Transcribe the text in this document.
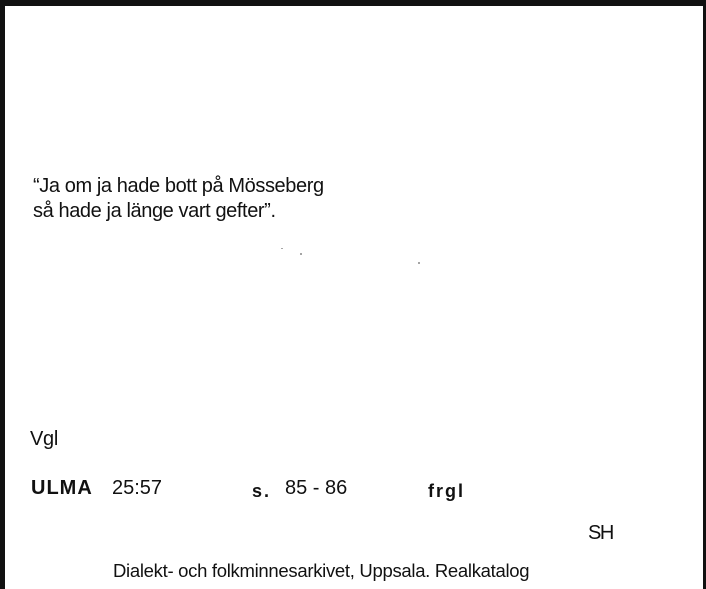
“Ja om ja hade bott på Mösseberg
så hade ja länge vart gefter”.
Vgl
ULMA 25:57	s. 85 - 86	frgl
SH
Dialekt- och folkminnesarkivet, Uppsala. Realkatalog
